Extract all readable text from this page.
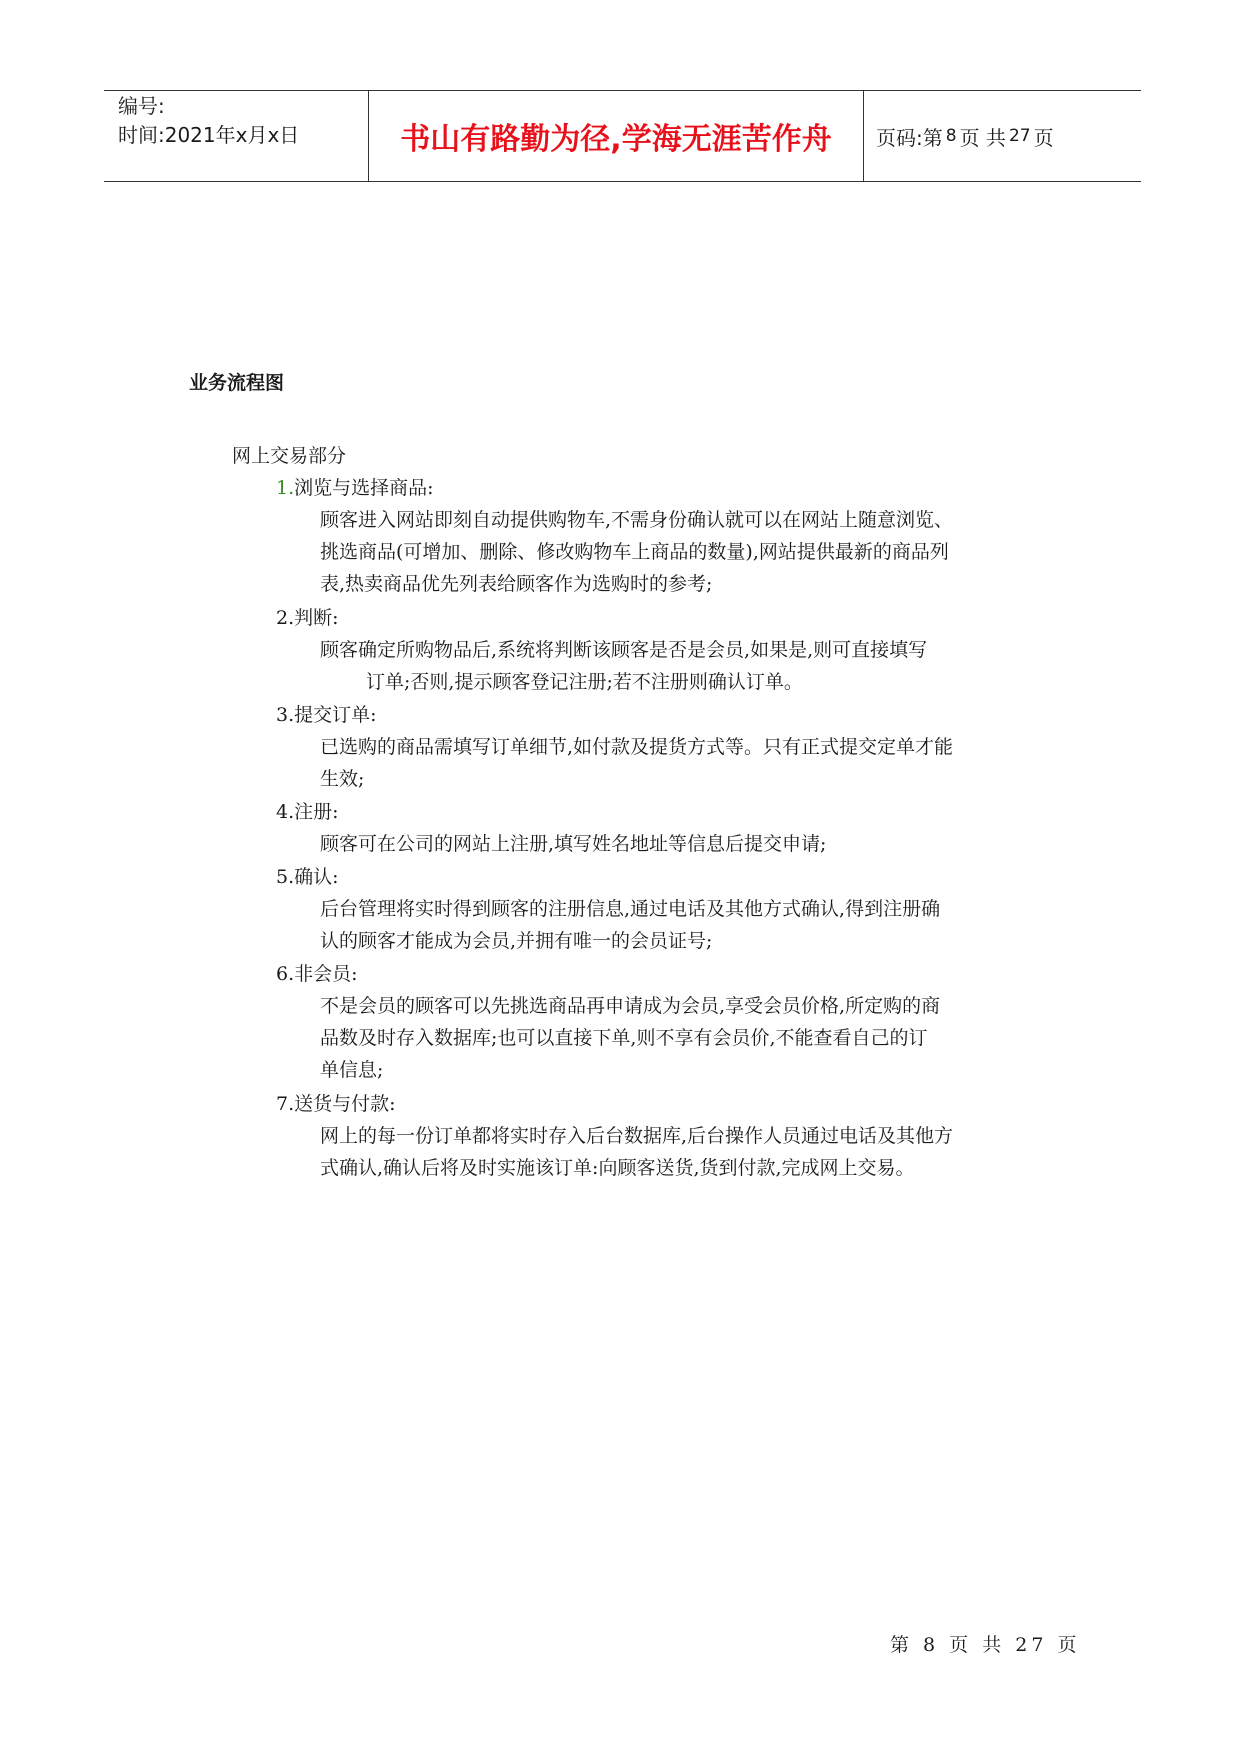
编号:
时间:2021年x月x日	书山有路勤为径,学海无涯苦作舟	页码:第 8 页 共 27 页
业务流程图
网上交易部分
1.浏览与选择商品:
顾客进入网站即刻自动提供购物车,不需身份确认就可以在网站上随意浏览、
挑选商品(可增加、删除、修改购物车上商品的数量),网站提供最新的商品列
表,热卖商品优先列表给顾客作为选购时的参考;
2.判断:
顾客确定所购物品后,系统将判断该顾客是否是会员,如果是,则可直接填写
订单;否则,提示顾客登记注册;若不注册则确认订单。
3.提交订单:
已选购的商品需填写订单细节,如付款及提货方式等。只有正式提交定单才能
生效;
4.注册:
顾客可在公司的网站上注册,填写姓名地址等信息后提交申请;
5.确认:
后台管理将实时得到顾客的注册信息,通过电话及其他方式确认,得到注册确
认的顾客才能成为会员,并拥有唯一的会员证号;
6.非会员:
不是会员的顾客可以先挑选商品再申请成为会员,享受会员价格,所定购的商
品数及时存入数据库;也可以直接下单,则不享有会员价,不能查看自己的订
单信息;
7.送货与付款:
网上的每一份订单都将实时存入后台数据库,后台操作人员通过电话及其他方
式确认,确认后将及时实施该订单:向顾客送货,货到付款,完成网上交易。
第 8 页 共 27 页
